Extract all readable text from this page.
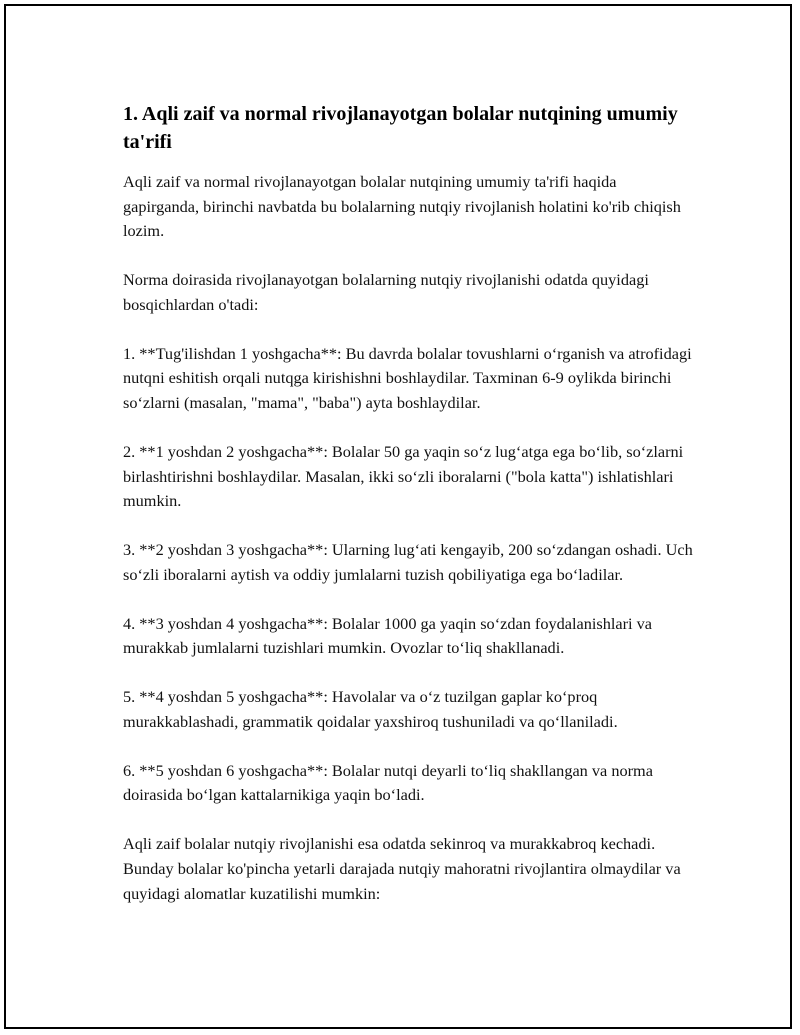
1. Aqli zaif va normal rivojlanayotgan bolalar nutqining umumiy ta'rifi

Aqli zaif va normal rivojlanayotgan bolalar nutqining umumiy ta'rifi haqida gapirganda, birinchi navbatda bu bolalarning nutqiy rivojlanish holatini ko'rib chiqish lozim.

Norma doirasida rivojlanayotgan bolalarning nutqiy rivojlanishi odatda quyidagi bosqichlardan o'tadi:

1. **Tug'ilishdan 1 yoshgacha**: Bu davrda bolalar tovushlarni oʻrganish va atrofidagi nutqni eshitish orqali nutqga kirishishni boshlaydilar. Taxminan 6-9 oylikda birinchi soʻzlarni (masalan, "mama", "baba") ayta boshlaydilar.

2. **1 yoshdan 2 yoshgacha**: Bolalar 50 ga yaqin soʻz lugʻatga ega boʻlib, soʻzlarni birlashtirishni boshlaydilar. Masalan, ikki soʻzli iboralarni ("bola katta") ishlatishlari mumkin.

3. **2 yoshdan 3 yoshgacha**: Ularning lugʻati kengayib, 200 soʻzdangan oshadi. Uch soʻzli iboralarni aytish va oddiy jumlalarni tuzish qobiliyatiga ega boʻladilar.

4. **3 yoshdan 4 yoshgacha**: Bolalar 1000 ga yaqin soʻzdan foydalanishlari va murakkab jumlalarni tuzishlari mumkin. Ovozlar toʻliq shakllanadi.

5. **4 yoshdan 5 yoshgacha**: Havolalar va oʻz tuzilgan gaplar koʻproq murakkablashadi, grammatik qoidalar yaxshiroq tushuniladi va qoʻllaniladi.

6. **5 yoshdan 6 yoshgacha**: Bolalar nutqi deyarli toʻliq shakllangan va norma doirasida boʻlgan kattalarnikiga yaqin boʻladi.

Aqli zaif bolalar nutqiy rivojlanishi esa odatda sekinroq va murakkabroq kechadi. Bunday bolalar ko'pincha yetarli darajada nutqiy mahoratni rivojlantira olmaydilar va quyidagi alomatlar kuzatilishi mumkin:
